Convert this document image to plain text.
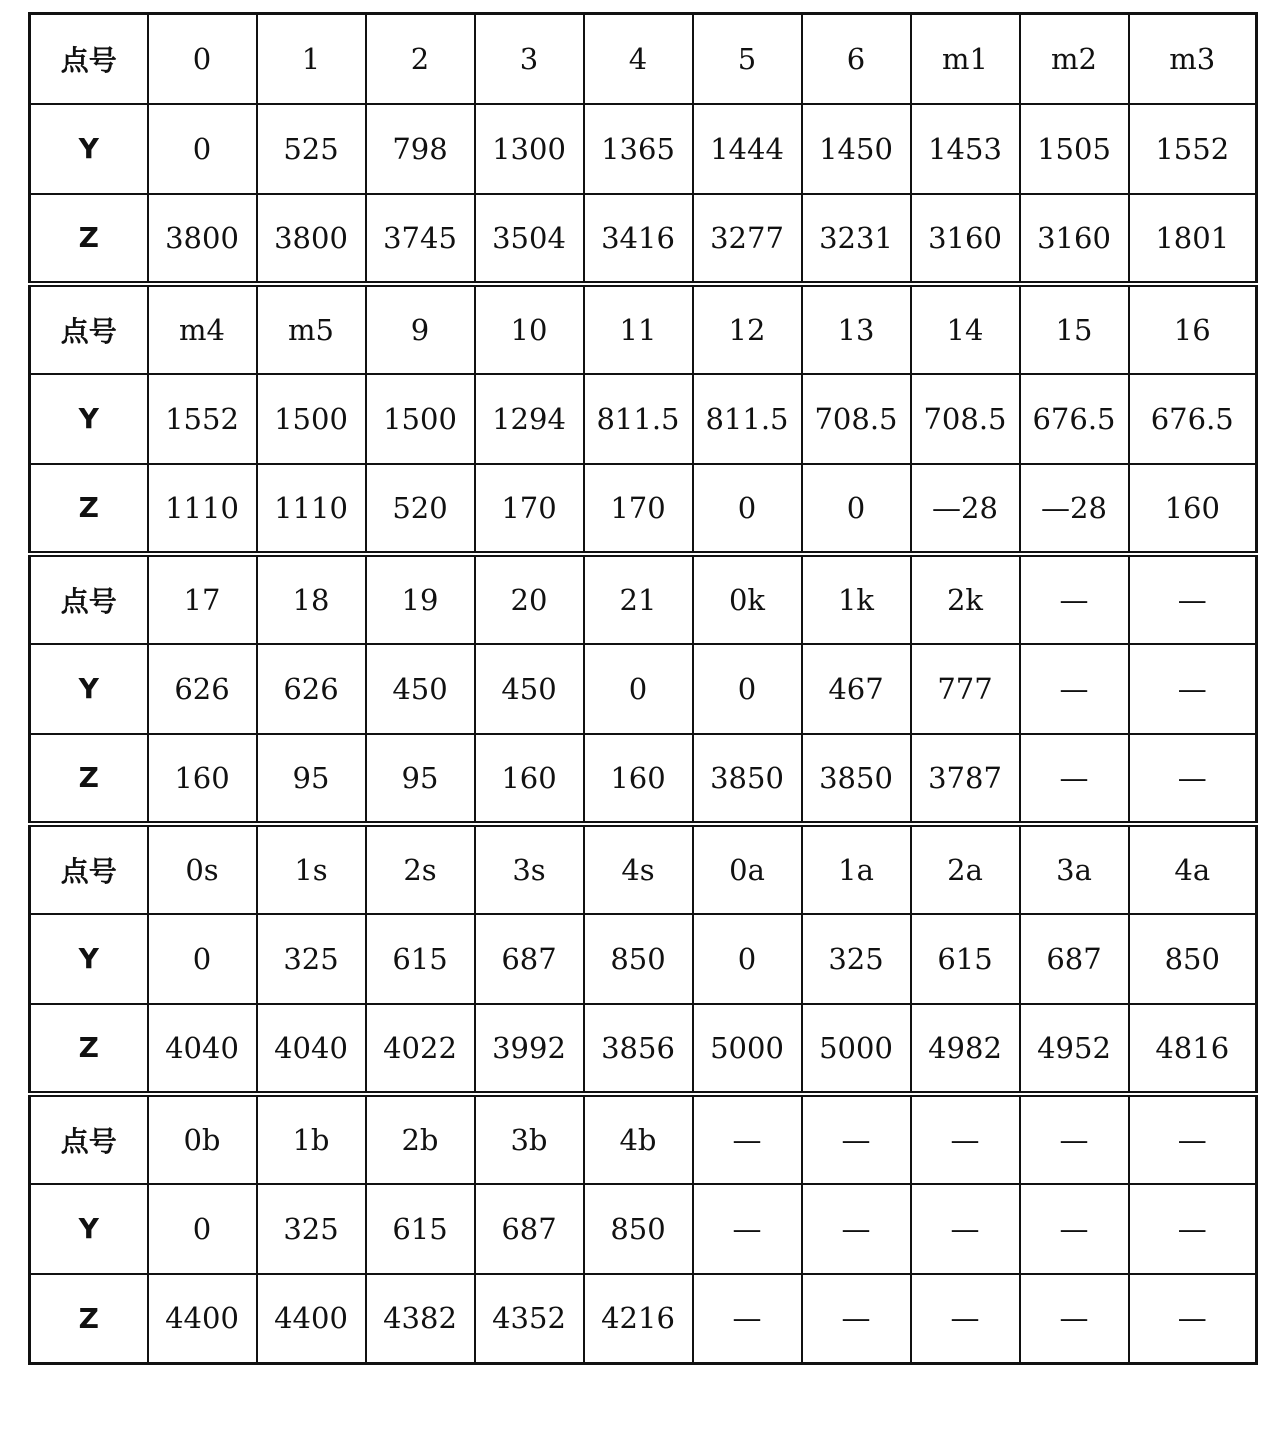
点号	0	1	2	3	4	5	6	m1	m2	m3
Y	0	525	798	1300	1365	1444	1450	1453	1505	1552
Z	3800	3800	3745	3504	3416	3277	3231	3160	3160	1801
点号	m4	m5	9	10	11	12	13	14	15	16
Y	1552	1500	1500	1294	811.5	811.5	708.5	708.5	676.5	676.5
Z	1110	1110	520	170	170	0	0	—28	—28	160
点号	17	18	19	20	21	0k	1k	2k	—	—
Y	626	626	450	450	0	0	467	777	—	—
Z	160	95	95	160	160	3850	3850	3787	—	—
点号	0s	1s	2s	3s	4s	0a	1a	2a	3a	4a
Y	0	325	615	687	850	0	325	615	687	850
Z	4040	4040	4022	3992	3856	5000	5000	4982	4952	4816
点号	0b	1b	2b	3b	4b	—	—	—	—	—
Y	0	325	615	687	850	—	—	—	—	—
Z	4400	4400	4382	4352	4216	—	—	—	—	—
